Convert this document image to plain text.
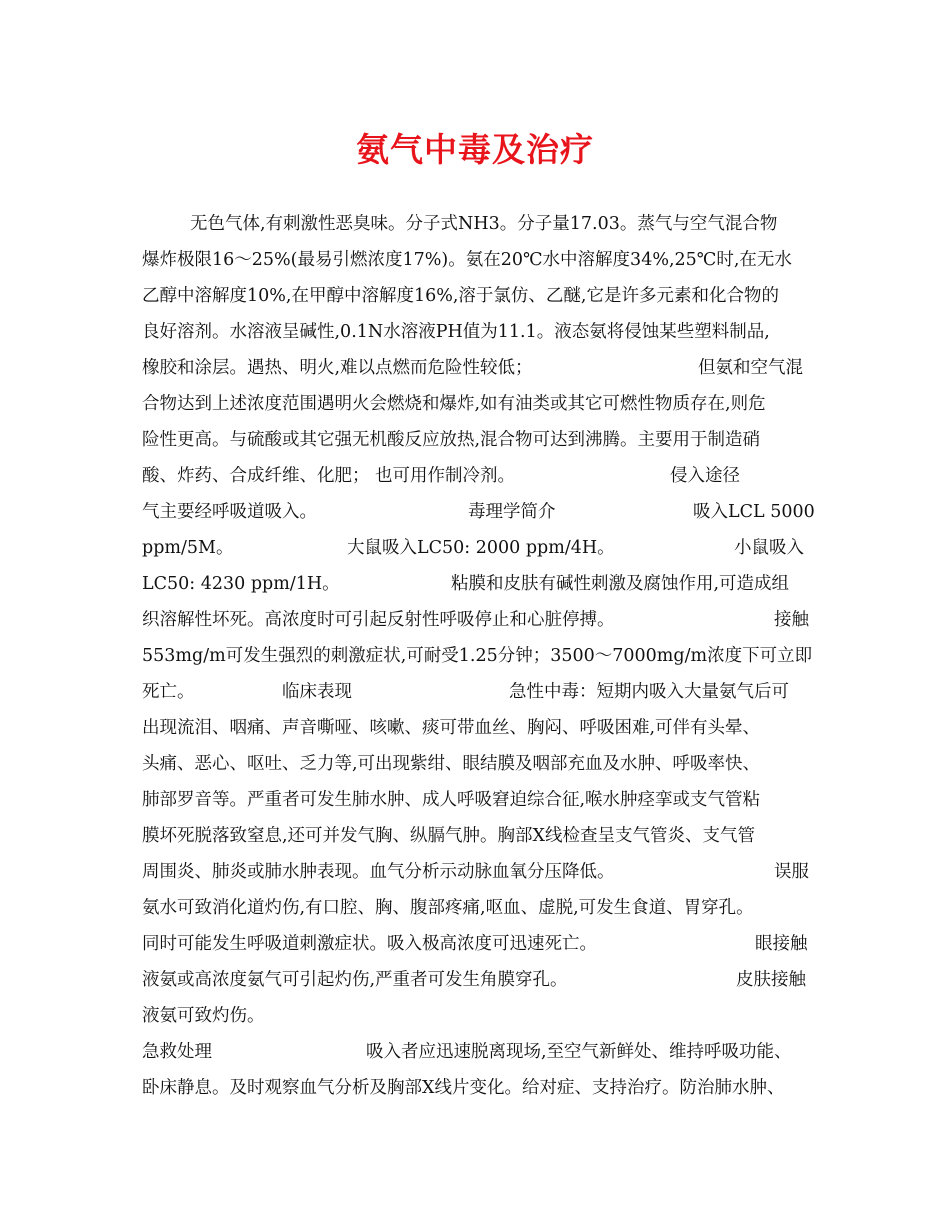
氨气中毒及治疗
无色气体,有刺激性恶臭味。分子式NH3。分子量17.03。蒸气与空气混合物
爆炸极限16～25%(最易引燃浓度17%)。氨在20℃水中溶解度34%,25℃时,在无水
乙醇中溶解度10%,在甲醇中溶解度16%,溶于氯仿、乙醚,它是许多元素和化合物的
良好溶剂。水溶液呈碱性,0.1N水溶液PH值为11.1。液态氨将侵蚀某些塑料制品,
橡胶和涂层。遇热、明火,难以点燃而危险性较低；	但氨和空气混
合物达到上述浓度范围遇明火会燃烧和爆炸,如有油类或其它可燃性物质存在,则危
险性更高。与硫酸或其它强无机酸反应放热,混合物可达到沸腾。主要用于制造硝
酸、炸药、合成纤维、化肥； 也可用作制冷剂。	侵入途径
气主要经呼吸道吸入。	毒理学简介	吸入LCL 5000
ppm/5M。	大鼠吸入LC50: 2000 ppm/4H。	小鼠吸入
LC50: 4230 ppm/1H。	粘膜和皮肤有碱性刺激及腐蚀作用,可造成组
织溶解性坏死。高浓度时可引起反射性呼吸停止和心脏停搏。	接触
553mg/m可发生强烈的刺激症状,可耐受1.25分钟；3500～7000mg/m浓度下可立即
死亡。	临床表现	急性中毒：短期内吸入大量氨气后可
出现流泪、咽痛、声音嘶哑、咳嗽、痰可带血丝、胸闷、呼吸困难,可伴有头晕、
头痛、恶心、呕吐、乏力等,可出现紫绀、眼结膜及咽部充血及水肿、呼吸率快、
肺部罗音等。严重者可发生肺水肿、成人呼吸窘迫综合征,喉水肿痉挛或支气管粘
膜坏死脱落致窒息,还可并发气胸、纵膈气肿。胸部X线检查呈支气管炎、支气管
周围炎、肺炎或肺水肿表现。血气分析示动脉血氧分压降低。	误服
氨水可致消化道灼伤,有口腔、胸、腹部疼痛,呕血、虚脱,可发生食道、胃穿孔。
同时可能发生呼吸道刺激症状。吸入极高浓度可迅速死亡。	眼接触
液氨或高浓度氨气可引起灼伤,严重者可发生角膜穿孔。	皮肤接触
液氨可致灼伤。
急救处理	吸入者应迅速脱离现场,至空气新鲜处、维持呼吸功能、
卧床静息。及时观察血气分析及胸部X线片变化。给对症、支持治疗。防治肺水肿、
